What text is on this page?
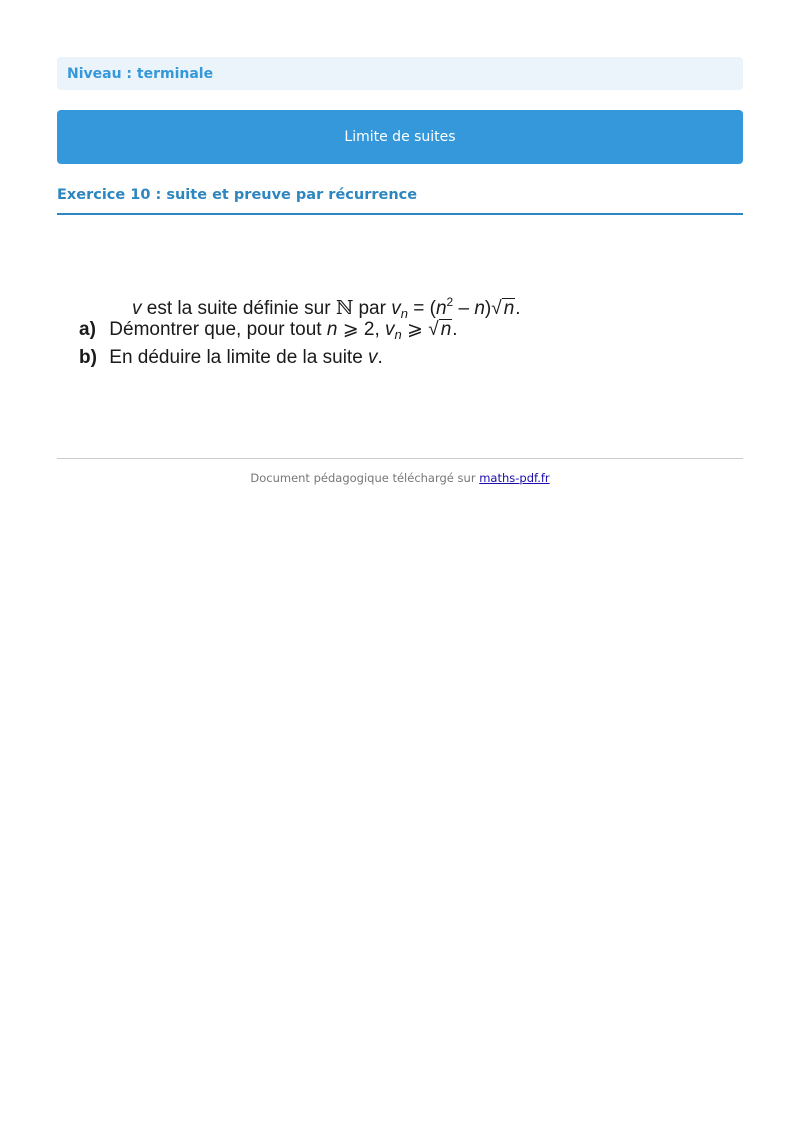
Niveau : terminale
Limite de suites
Exercice 10 : suite et preuve par récurrence
v est la suite définie sur ℕ par $v_n = (n^2 - n)√$ n.
a) Démontrer que, pour tout n ⩾ 2, $v_n$ ⩾ √ n.
b) En déduire la limite de la suite v.
Document pédagogique téléchargé sur maths-pdf.fr
